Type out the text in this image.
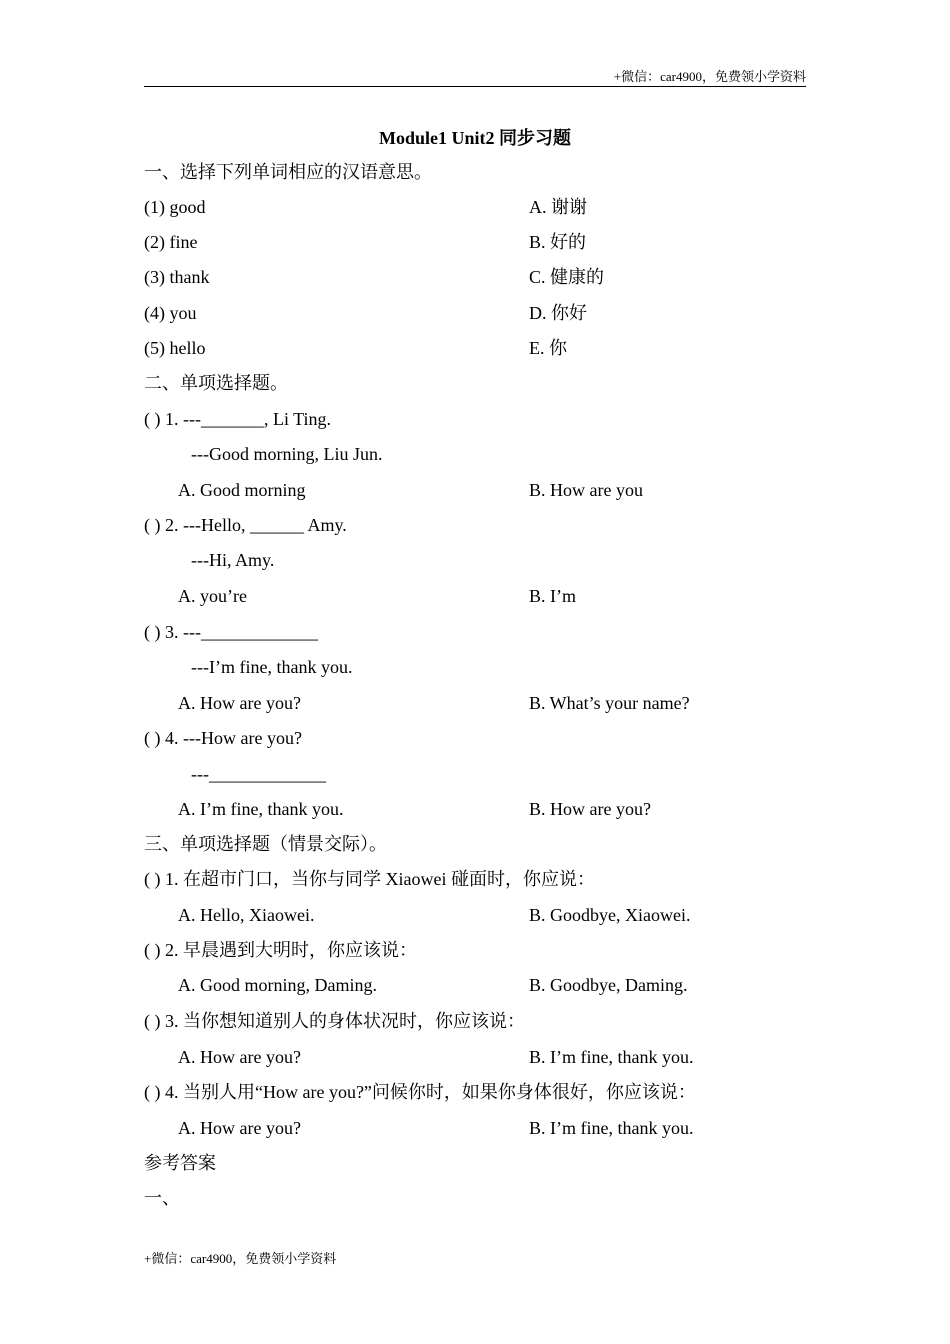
+微信：car4900，免费领小学资料
Module1 Unit2 同步习题
一、选择下列单词相应的汉语意思。
(1) good	A. 谢谢
(2) fine	B. 好的
(3) thank	C. 健康的
(4) you	D. 你好
(5) hello	E. 你
二、单项选择题。
( ) 1. ---_______, Li Ting.
---Good morning, Liu Jun.
A. Good morning	B. How are you
( ) 2. ---Hello, ______ Amy.
---Hi, Amy.
A. you’re	B. I’m
( ) 3. ---_____________
---I’m fine, thank you.
A. How are you?	B. What’s your name?
( ) 4. ---How are you?
---_____________
A. I’m fine, thank you.	B. How are you?
三、单项选择题（情景交际）。
( ) 1. 在超市门口，当你与同学 Xiaowei 碰面时，你应说：
A. Hello, Xiaowei.	B. Goodbye, Xiaowei.
( ) 2. 早晨遇到大明时，你应该说：
A. Good morning, Daming.	B. Goodbye, Daming.
( ) 3. 当你想知道别人的身体状况时，你应该说：
A. How are you?	B. I’m fine, thank you.
( ) 4. 当别人用“How are you?”问候你时，如果你身体很好，你应该说：
A. How are you?	B. I’m fine, thank you.
参考答案
一、
+微信：car4900，免费领小学资料
